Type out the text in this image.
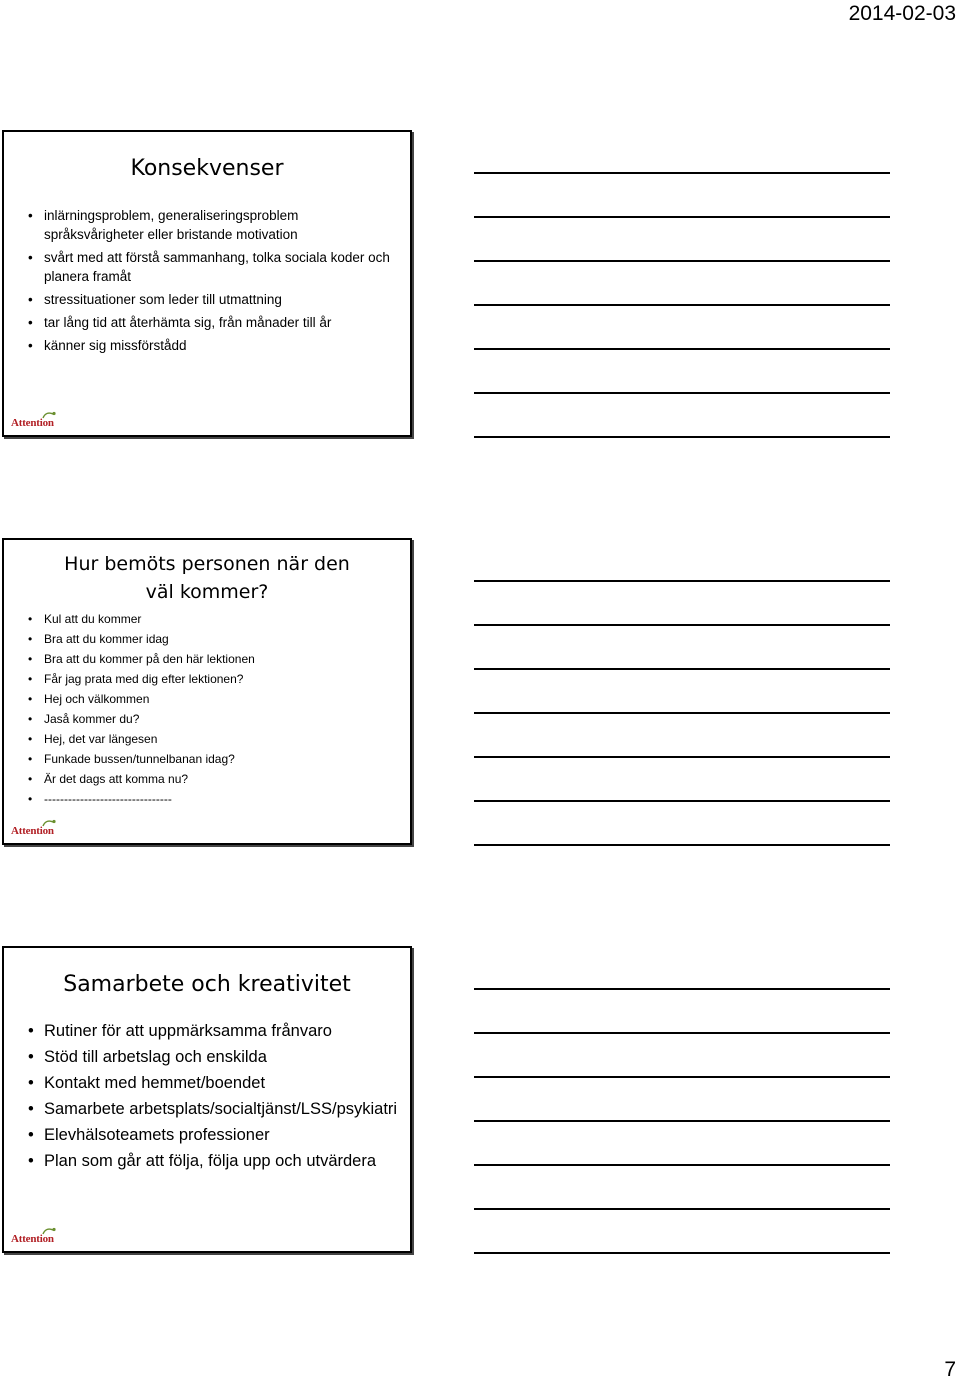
2014-02-03
Konsekvenser
• inlärningsproblem, generaliseringsproblem språksvårigheter eller bristande motivation
• svårt med att förstå sammanhang, tolka sociala koder och planera framåt
• stressituationer som leder till utmattning
• tar lång tid att återhämta sig, från månader till år
• känner sig missförstådd
Attention
Hur bemöts personen när den väl kommer?
• Kul att du kommer
• Bra att du kommer idag
• Bra att du kommer på den här lektionen
• Får jag prata med dig efter lektionen?
• Hej och välkommen
• Jaså kommer du?
• Hej, det var längesen
• Funkade bussen/tunnelbanan idag?
• Är det dags att komma nu?
• --------------------------------
Attention
Samarbete och kreativitet
• Rutiner för att uppmärksamma frånvaro
• Stöd till arbetslag och enskilda
• Kontakt med hemmet/boendet
• Samarbete arbetsplats/socialtjänst/LSS/psykiatri
• Elevhälsoteamets professioner
• Plan som går att följa, följa upp och utvärdera
Attention
7
